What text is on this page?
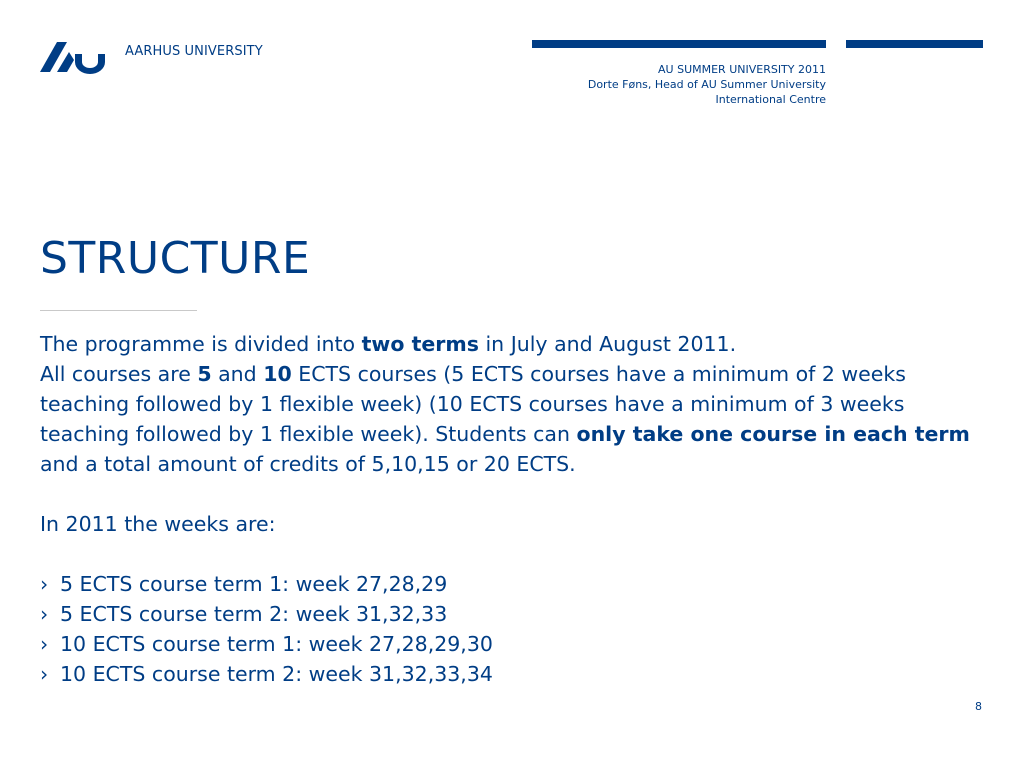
AARHUS UNIVERSITY
AU SUMMER UNIVERSITY 2011
Dorte Føns, Head of AU Summer University
International Centre
STRUCTURE

The programme is divided into two terms in July and August 2011.

All courses are 5 and 10 ECTS courses (5 ECTS courses have a minimum of 2 weeks teaching followed by 1 flexible week) (10 ECTS courses have a minimum of 3 weeks teaching followed by 1 flexible week). Students can only take one course in each term and a total amount of credits of 5,10,15 or 20 ECTS.

In 2011 the weeks are:

› 5 ECTS course term 1: week 27,28,29
› 5 ECTS course term 2: week 31,32,33
› 10 ECTS course term 1: week 27,28,29,30
› 10 ECTS course term 2: week 31,32,33,34
8
